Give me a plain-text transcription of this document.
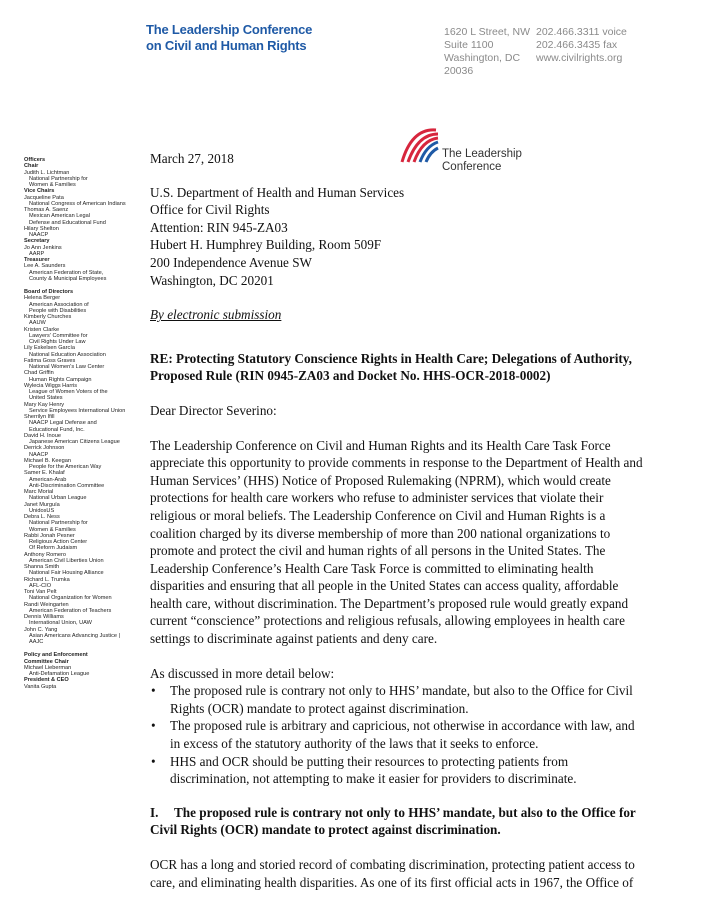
The Leadership Conference
on Civil and Human Rights
1620 L Street, NW
Suite 1100
Washington, DC
20036
202.466.3311 voice
202.466.3435 fax
www.civilrights.org
The Leadership
Conference
Officers
Chair
Judith L. Lichtman
National Partnership for
Women & Families
Vice Chairs
Jacqueline Pata
National Congress of American Indians
Thomas A. Saenz
Mexican American Legal
Defense and Educational Fund
Hilary Shelton
NAACP
Secretary
Jo Ann Jenkins
AARP
Treasurer
Lee A. Saunders
American Federation of State,
County & Municipal Employees
Board of Directors
Helena Berger
American Association of
People with Disabilities
Kimberly Churches
AAUW
Kristen Clarke
Lawyers' Committee for
Civil Rights Under Law
Lily Eskelsen García
National Education Association
Fatima Goss Graves
National Women's Law Center
Chad Griffin
Human Rights Campaign
Wylecia Wiggs Harris
League of Women Voters of the
United States
Mary Kay Henry
Service Employees International Union
Sherrilyn Ifill
NAACP Legal Defense and
Educational Fund, Inc.
David H. Inoue
Japanese American Citizens League
Derrick Johnson
NAACP
Michael B. Keegan
People for the American Way
Samer E. Khalaf
American-Arab
Anti-Discrimination Committee
Marc Morial
National Urban League
Janet Murguía
UnidosUS
Debra L. Ness
National Partnership for
Women & Families
Rabbi Jonah Pesner
Religious Action Center
Of Reform Judaism
Anthony Romero
American Civil Liberties Union
Shanna Smith
National Fair Housing Alliance
Richard L. Trumka
AFL-CIO
Toni Van Pelt
National Organization for Women
Randi Weingarten
American Federation of Teachers
Dennis Williams
International Union, UAW
John C. Yang
Asian Americans Advancing Justice |
AAJC
Policy and Enforcement
Committee Chair
Michael Lieberman
Anti-Defamation League
President & CEO
Vanita Gupta

March 27, 2018

U.S. Department of Health and Human Services
Office for Civil Rights
Attention: RIN 945-ZA03
Hubert H. Humphrey Building, Room 509F
200 Independence Avenue SW
Washington, DC 20201

By electronic submission

RE: Protecting Statutory Conscience Rights in Health Care; Delegations of Authority,
Proposed Rule (RIN 0945-ZA03 and Docket No. HHS-OCR-2018-0002)

Dear Director Severino:

The Leadership Conference on Civil and Human Rights and its Health Care Task Force
appreciate this opportunity to provide comments in response to the Department of Health and
Human Services’ (HHS) Notice of Proposed Rulemaking (NPRM), which would create
protections for health care workers who refuse to administer services that violate their
religious or moral beliefs. The Leadership Conference on Civil and Human Rights is a
coalition charged by its diverse membership of more than 200 national organizations to
promote and protect the civil and human rights of all persons in the United States. The
Leadership Conference’s Health Care Task Force is committed to eliminating health
disparities and ensuring that all people in the United States can access quality, affordable
health care, without discrimination. The Department’s proposed rule would greatly expand
current “conscience” protections and religious refusals, allowing employees in health care
settings to discriminate against patients and deny care.

As discussed in more detail below:

• The proposed rule is contrary not only to HHS’ mandate, but also to the Office for Civil
Rights (OCR) mandate to protect against discrimination.
• The proposed rule is arbitrary and capricious, not otherwise in accordance with law, and
in excess of the statutory authority of the laws that it seeks to enforce.
• HHS and OCR should be putting their resources to protecting patients from
discrimination, not attempting to make it easier for providers to discriminate.
I. The proposed rule is contrary not only to HHS’ mandate, but also to the Office for
Civil Rights (OCR) mandate to protect against discrimination.
OCR has a long and storied record of combating discrimination, protecting patient access to
care, and eliminating health disparities. As one of its first official acts in 1967, the Office of
